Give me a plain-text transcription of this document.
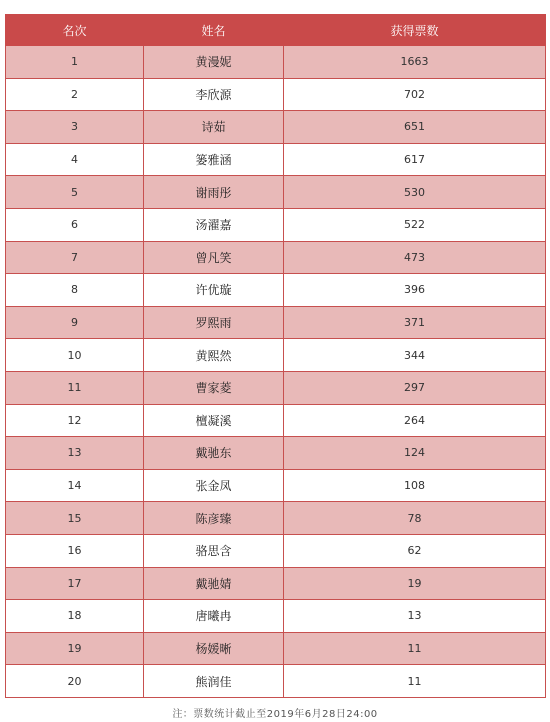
名次	姓名	获得票数
1	黄漫妮	1663
2	李欣源	702
3	诗茹	651
4	篓雅涵	617
5	谢雨彤	530
6	汤濯嘉	522
7	曾凡笑	473
8	许优璇	396
9	罗熙雨	371
10	黄熙然	344
11	曹家菱	297
12	檀凝溪	264
13	戴驰东	124
14	张金凤	108
15	陈彦臻	78
16	骆思含	62
17	戴驰婧	19
18	唐曦冉	13
19	杨媛晰	11
20	熊润佳	11
注：票数统计截止至2019年6月28日24:00
